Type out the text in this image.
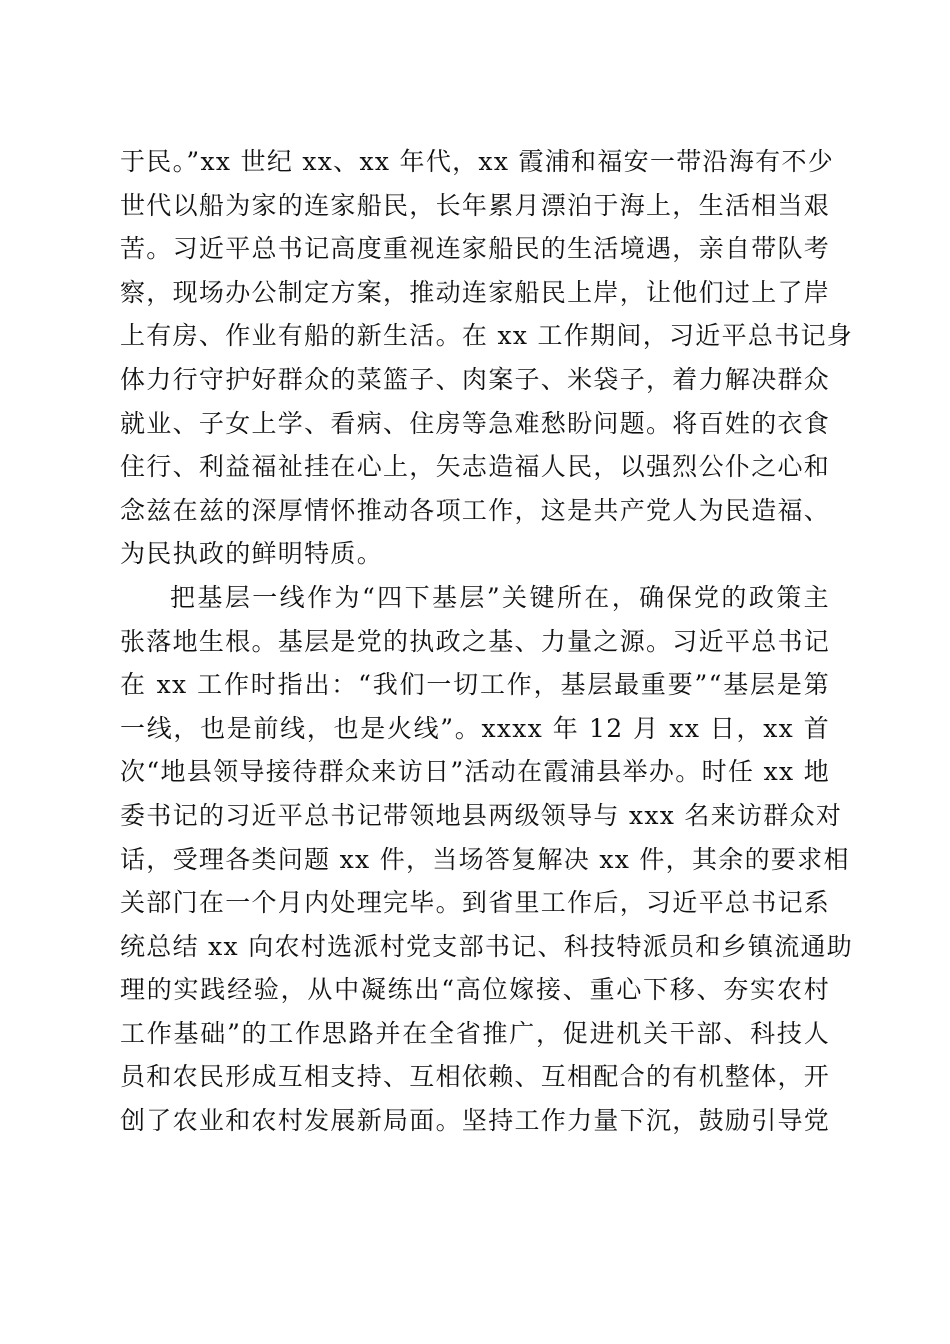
于民。”xx 世纪 xx、xx 年代，xx 霞浦和福安一带沿海有不少
世代以船为家的连家船民，长年累月漂泊于海上，生活相当艰
苦。习近平总书记高度重视连家船民的生活境遇，亲自带队考
察，现场办公制定方案，推动连家船民上岸，让他们过上了岸
上有房、作业有船的新生活。在 xx 工作期间，习近平总书记身
体力行守护好群众的菜篮子、肉案子、米袋子，着力解决群众
就业、子女上学、看病、住房等急难愁盼问题。将百姓的衣食
住行、利益福祉挂在心上，矢志造福人民，以强烈公仆之心和
念兹在兹的深厚情怀推动各项工作，这是共产党人为民造福、
为民执政的鲜明特质。
把基层一线作为“四下基层”关键所在，确保党的政策主
张落地生根。基层是党的执政之基、力量之源。习近平总书记
在 xx 工作时指出：“我们一切工作，基层最重要”“基层是第
一线，也是前线，也是火线”。xxxx 年 12 月 xx 日，xx 首
次“地县领导接待群众来访日”活动在霞浦县举办。时任 xx 地
委书记的习近平总书记带领地县两级领导与 xxx 名来访群众对
话，受理各类问题 xx 件，当场答复解决 xx 件，其余的要求相
关部门在一个月内处理完毕。到省里工作后，习近平总书记系
统总结 xx 向农村选派村党支部书记、科技特派员和乡镇流通助
理的实践经验，从中凝练出“高位嫁接、重心下移、夯实农村
工作基础”的工作思路并在全省推广，促进机关干部、科技人
员和农民形成互相支持、互相依赖、互相配合的有机整体，开
创了农业和农村发展新局面。坚持工作力量下沉，鼓励引导党
